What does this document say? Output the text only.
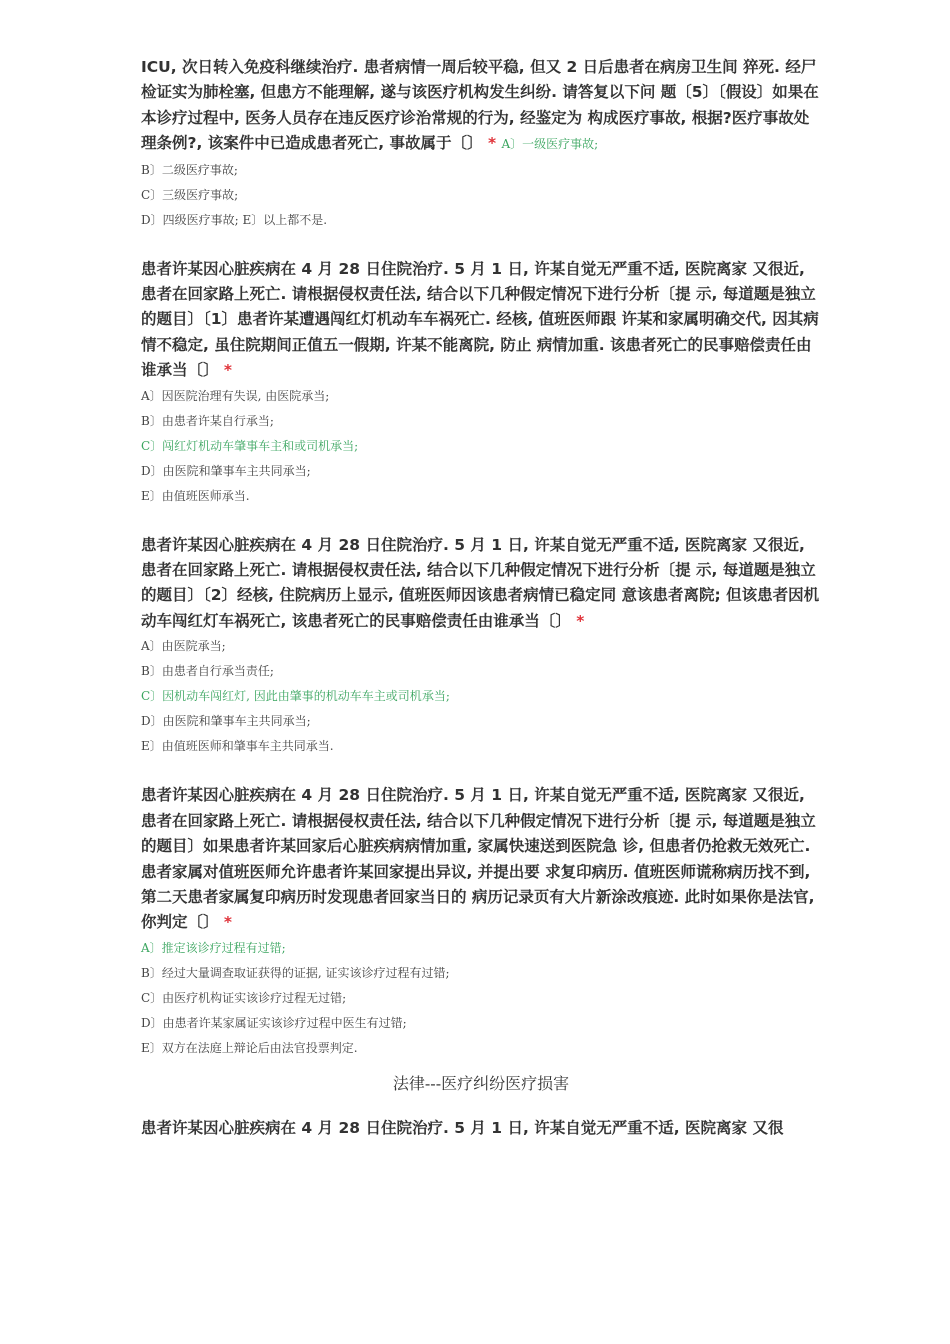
ICU, 次日转入免疫科继续治疗. 患者病情一周后较平稳, 但又 2 日后患者在病房卫生间 猝死. 经尸检证实为肺栓塞, 但患方不能理解, 遂与该医疗机构发生纠纷. 请答复以下问 题〔5〕〔假设〕如果在本诊疗过程中, 医务人员存在违反医疗诊治常规的行为, 经鉴定为 构成医疗事故, 根据?医疗事故处理条例?, 该案件中已造成患者死亡, 事故属于〔〕 * A〕一级医疗事故;
B〕二级医疗事故;
C〕三级医疗事故;
D〕四级医疗事故; E〕以上都不是.
患者许某因心脏疾病在 4 月 28 日住院治疗. 5 月 1 日, 许某自觉无严重不适, 医院离家 又很近, 患者在回家路上死亡. 请根据侵权责任法, 结合以下几种假定情况下进行分析〔提 示, 每道题是独立的题目〕〔1〕患者许某遭遇闯红灯机动车车祸死亡. 经核, 值班医师跟 许某和家属明确交代, 因其病情不稳定, 虽住院期间正值五一假期, 许某不能离院, 防止 病情加重. 该患者死亡的民事赔偿责任由谁承当〔〕 *
A〕因医院治理有失误, 由医院承当;
B〕由患者许某自行承当;
C〕闯红灯机动车肇事车主和或司机承当;
D〕由医院和肇事车主共同承当;
E〕由值班医师承当.
患者许某因心脏疾病在 4 月 28 日住院治疗. 5 月 1 日, 许某自觉无严重不适, 医院离家 又很近, 患者在回家路上死亡. 请根据侵权责任法, 结合以下几种假定情况下进行分析〔提 示, 每道题是独立的题目〕〔2〕经核, 住院病历上显示, 值班医师因该患者病情已稳定同 意该患者离院; 但该患者因机动车闯红灯车祸死亡, 该患者死亡的民事赔偿责任由谁承当〔〕 *
A〕由医院承当;
B〕由患者自行承当责任;
C〕因机动车闯红灯, 因此由肇事的机动车车主或司机承当;
D〕由医院和肇事车主共同承当;
E〕由值班医师和肇事车主共同承当.
患者许某因心脏疾病在 4 月 28 日住院治疗. 5 月 1 日, 许某自觉无严重不适, 医院离家 又很近, 患者在回家路上死亡. 请根据侵权责任法, 结合以下几种假定情况下进行分析〔提 示, 每道题是独立的题目〕如果患者许某回家后心脏疾病病情加重, 家属快速送到医院急 诊, 但患者仍抢救无效死亡. 患者家属对值班医师允许患者许某回家提出异议, 并提出要 求复印病历. 值班医师谎称病历找不到, 第二天患者家属复印病历时发现患者回家当日的 病历记录页有大片新涂改痕迹. 此时如果你是法官, 你判定〔〕 *
A〕推定该诊疗过程有过错;
B〕经过大量调查取证获得的证据, 证实该诊疗过程有过错;
C〕由医疗机构证实该诊疗过程无过错;
D〕由患者许某家属证实该诊疗过程中医生有过错;
E〕双方在法庭上辩论后由法官投票判定.
法律---医疗纠纷医疗损害
患者许某因心脏疾病在 4 月 28 日住院治疗. 5 月 1 日, 许某自觉无严重不适, 医院离家 又很
